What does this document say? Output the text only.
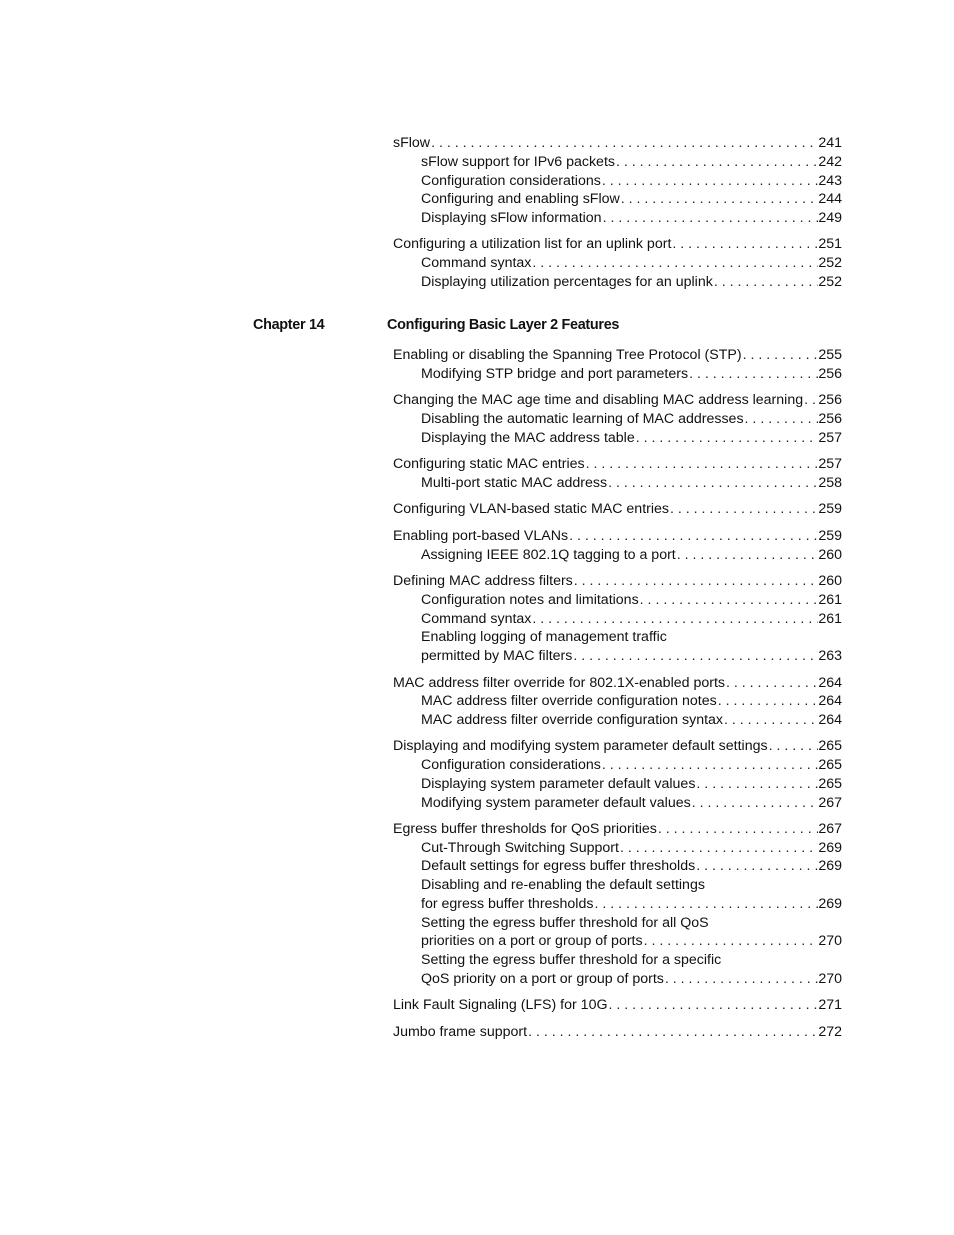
Chapter 14	Configuring Basic Layer 2 Features
sFlow . . .	241
sFlow support for IPv6 packets . . .	242
Configuration considerations . . .	243
Configuring and enabling sFlow . . .	244
Displaying sFlow information . . .	249
Configuring a utilization list for an uplink port . . .	251
Command syntax . . .	252
Displaying utilization percentages for an uplink . . .	252
Enabling or disabling the Spanning Tree Protocol (STP) . . .	255
Modifying STP bridge and port parameters . . .	256
Changing the MAC age time and disabling MAC address learning . . . 256
Disabling the automatic learning of MAC addresses . . .	256
Displaying the MAC address table . . .	257
Configuring static MAC entries . . .	257
Multi-port static MAC address . . .	258
Configuring VLAN-based static MAC entries . . .	259
Enabling port-based VLANs . . .	259
Assigning IEEE 802.1Q tagging to a port . . .	260
Defining MAC address filters . . .	260
Configuration notes and limitations . . .	261
Command syntax . . .	261
Enabling logging of management traffic
permitted by MAC filters . . .	263
MAC address filter override for 802.1X-enabled ports . . .	264
MAC address filter override configuration notes . . .	264
MAC address filter override configuration syntax . . .	264
Displaying and modifying system parameter default settings . . .	265
Configuration considerations . . .	265
Displaying system parameter default values . . .	265
Modifying system parameter default values . . .	267
Egress buffer thresholds for QoS priorities . . .	267
Cut-Through Switching Support . . .	269
Default settings for egress buffer thresholds . . .	269
Disabling and re-enabling the default settings
for egress buffer thresholds . . .	269
Setting the egress buffer threshold for all QoS
priorities on a port or group of ports . . .	270
Setting the egress buffer threshold for a specific
QoS priority on a port or group of ports . . .	270
Link Fault Signaling (LFS) for 10G . . .	271
Jumbo frame support . . .	272
